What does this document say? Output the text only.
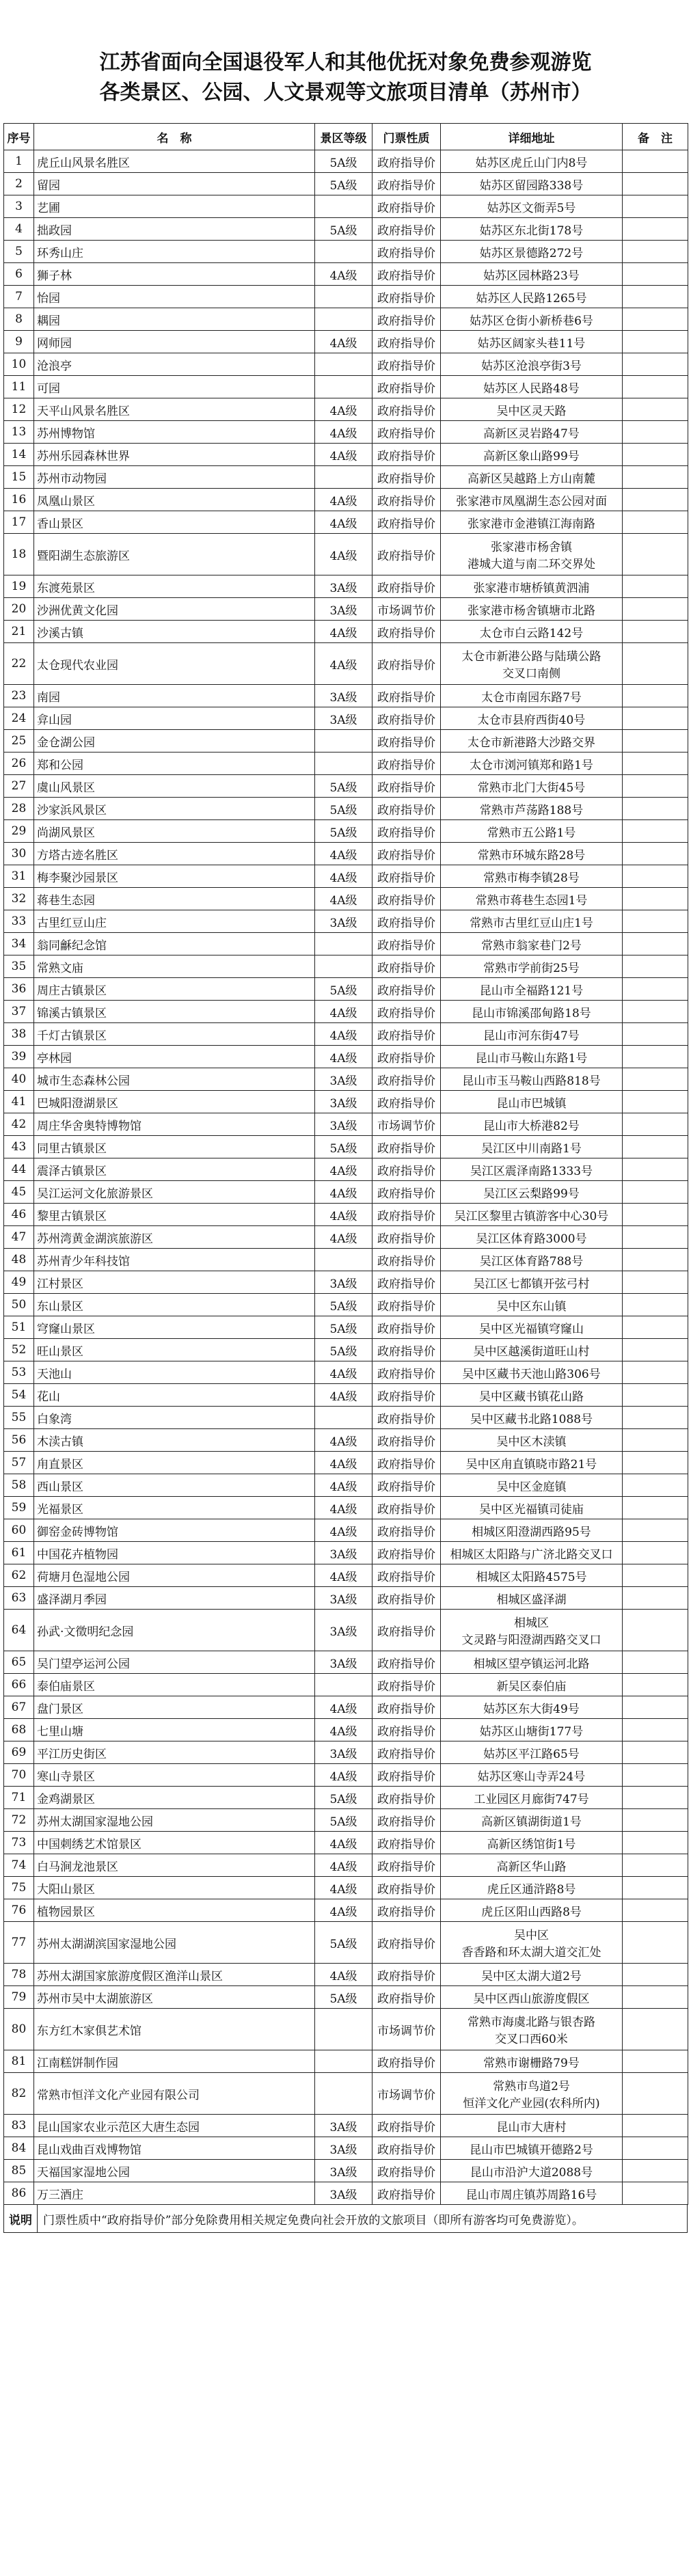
江苏省面向全国退役军人和其他优抚对象免费参观游览
各类景区、公园、人文景观等文旅项目清单（苏州市）
序号	名　称	景区等级	门票性质	详细地址	备　注
1	虎丘山风景名胜区	5A级	政府指导价	姑苏区虎丘山门内8号	
2	留园	5A级	政府指导价	姑苏区留园路338号	
3	艺圃		政府指导价	姑苏区文衙弄5号	
4	拙政园	5A级	政府指导价	姑苏区东北街178号	
5	环秀山庄		政府指导价	姑苏区景德路272号	
6	狮子林	4A级	政府指导价	姑苏区园林路23号	
7	怡园		政府指导价	姑苏区人民路1265号	
8	耦园		政府指导价	姑苏区仓街小新桥巷6号	
9	网师园	4A级	政府指导价	姑苏区阔家头巷11号	
10	沧浪亭		政府指导价	姑苏区沧浪亭街3号	
11	可园		政府指导价	姑苏区人民路48号	
12	天平山风景名胜区	4A级	政府指导价	吴中区灵天路	
13	苏州博物馆	4A级	政府指导价	高新区灵岩路47号	
14	苏州乐园森林世界	4A级	政府指导价	高新区象山路99号	
15	苏州市动物园		政府指导价	高新区吴越路上方山南麓	
16	凤凰山景区	4A级	政府指导价	张家港市凤凰湖生态公园对面	
17	香山景区	4A级	政府指导价	张家港市金港镇江海南路	
18	暨阳湖生态旅游区	4A级	政府指导价	张家港市杨舍镇
港城大道与南二环交界处	
19	东渡苑景区	3A级	政府指导价	张家港市塘桥镇黄泗浦	
20	沙洲优黄文化园	3A级	市场调节价	张家港市杨舍镇塘市北路	
21	沙溪古镇	4A级	政府指导价	太仓市白云路142号	
22	太仓现代农业园	4A级	政府指导价	太仓市新港公路与陆璜公路
交叉口南侧	
23	南园	3A级	政府指导价	太仓市南园东路7号	
24	弇山园	3A级	政府指导价	太仓市县府西街40号	
25	金仓湖公园		政府指导价	太仓市新港路大沙路交界	
26	郑和公园		政府指导价	太仓市浏河镇郑和路1号	
27	虞山风景区	5A级	政府指导价	常熟市北门大街45号	
28	沙家浜风景区	5A级	政府指导价	常熟市芦荡路188号	
29	尚湖风景区	5A级	政府指导价	常熟市五公路1号	
30	方塔古迹名胜区	4A级	政府指导价	常熟市环城东路28号	
31	梅李聚沙园景区	4A级	政府指导价	常熟市梅李镇28号	
32	蒋巷生态园	4A级	政府指导价	常熟市蒋巷生态园1号	
33	古里红豆山庄	3A级	政府指导价	常熟市古里红豆山庄1号	
34	翁同龢纪念馆		政府指导价	常熟市翁家巷门2号	
35	常熟文庙		政府指导价	常熟市学前街25号	
36	周庄古镇景区	5A级	政府指导价	昆山市全福路121号	
37	锦溪古镇景区	4A级	政府指导价	昆山市锦溪邵甸路18号	
38	千灯古镇景区	4A级	政府指导价	昆山市河东街47号	
39	亭林园	4A级	政府指导价	昆山市马鞍山东路1号	
40	城市生态森林公园	3A级	政府指导价	昆山市玉马鞍山西路818号	
41	巴城阳澄湖景区	3A级	政府指导价	昆山市巴城镇	
42	周庄华舍奥特博物馆	3A级	市场调节价	昆山市大桥港82号	
43	同里古镇景区	5A级	政府指导价	吴江区中川南路1号	
44	震泽古镇景区	4A级	政府指导价	吴江区震泽南路1333号	
45	吴江运河文化旅游景区	4A级	政府指导价	吴江区云梨路99号	
46	黎里古镇景区	4A级	政府指导价	吴江区黎里古镇游客中心30号	
47	苏州湾黄金湖滨旅游区	4A级	政府指导价	吴江区体育路3000号	
48	苏州青少年科技馆		政府指导价	吴江区体育路788号	
49	江村景区	3A级	政府指导价	吴江区七都镇开弦弓村	
50	东山景区	5A级	政府指导价	吴中区东山镇	
51	穹窿山景区	5A级	政府指导价	吴中区光福镇穹窿山	
52	旺山景区	5A级	政府指导价	吴中区越溪街道旺山村	
53	天池山	4A级	政府指导价	吴中区藏书天池山路306号	
54	花山	4A级	政府指导价	吴中区藏书镇花山路	
55	白象湾		政府指导价	吴中区藏书北路1088号	
56	木渎古镇	4A级	政府指导价	吴中区木渎镇	
57	甪直景区	4A级	政府指导价	吴中区甪直镇晓市路21号	
58	西山景区	4A级	政府指导价	吴中区金庭镇	
59	光福景区	4A级	政府指导价	吴中区光福镇司徒庙	
60	御窑金砖博物馆	4A级	政府指导价	相城区阳澄湖西路95号	
61	中国花卉植物园	3A级	政府指导价	相城区太阳路与广济北路交叉口	
62	荷塘月色湿地公园	4A级	政府指导价	相城区太阳路4575号	
63	盛泽湖月季园	3A级	政府指导价	相城区盛泽湖	
64	孙武·文徵明纪念园	3A级	政府指导价	相城区
文灵路与阳澄湖西路交叉口	
65	吴门望亭运河公园	3A级	政府指导价	相城区望亭镇运河北路	
66	泰伯庙景区		政府指导价	新吴区泰伯庙	
67	盘门景区	4A级	政府指导价	姑苏区东大街49号	
68	七里山塘	4A级	政府指导价	姑苏区山塘街177号	
69	平江历史街区	3A级	政府指导价	姑苏区平江路65号	
70	寒山寺景区	4A级	政府指导价	姑苏区寒山寺弄24号	
71	金鸡湖景区	5A级	政府指导价	工业园区月廊街747号	
72	苏州太湖国家湿地公园	5A级	政府指导价	高新区镇湖街道1号	
73	中国刺绣艺术馆景区	4A级	政府指导价	高新区绣馆街1号	
74	白马涧龙池景区	4A级	政府指导价	高新区华山路	
75	大阳山景区	4A级	政府指导价	虎丘区通浒路8号	
76	植物园景区	4A级	政府指导价	虎丘区阳山西路8号	
77	苏州太湖湖滨国家湿地公园	5A级	政府指导价	吴中区
香香路和环太湖大道交汇处	
78	苏州太湖国家旅游度假区渔洋山景区	4A级	政府指导价	吴中区太湖大道2号	
79	苏州市吴中太湖旅游区	5A级	政府指导价	吴中区西山旅游度假区	
80	东方红木家俱艺术馆		市场调节价	常熟市海虞北路与银杏路
交叉口西60米	
81	江南糕饼制作园		政府指导价	常熟市谢栅路79号	
82	常熟市恒洋文化产业园有限公司		市场调节价	常熟市鸟道2号
恒洋文化产业园(农科所内)	
83	昆山国家农业示范区大唐生态园	3A级	政府指导价	昆山市大唐村	
84	昆山戏曲百戏博物馆	3A级	政府指导价	昆山市巴城镇开德路2号	
85	天福国家湿地公园	3A级	政府指导价	昆山市沿沪大道2088号	
86	万三酒庄	3A级	政府指导价	昆山市周庄镇苏周路16号	
说明 门票性质中“政府指导价”部分免除费用相关规定免费向社会开放的文旅项目（即所有游客均可免费游览）。
